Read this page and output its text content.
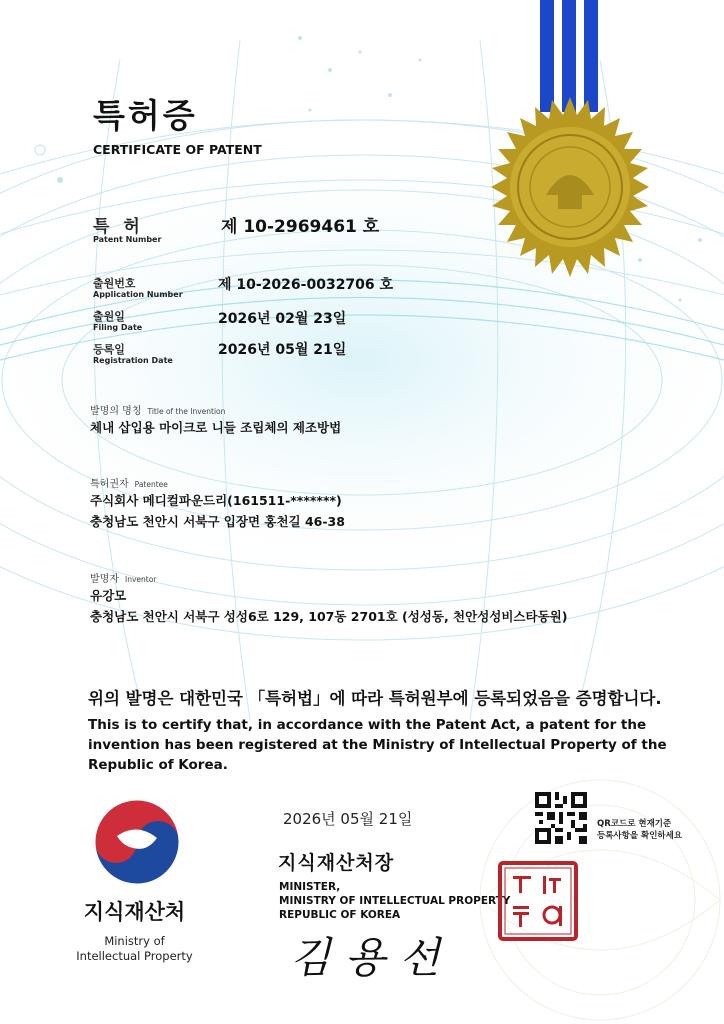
특허증
CERTIFICATE OF PATENT
특 허
Patent Number
제 10-2969461 호
출원번호
Application Number
제 10-2026-0032706 호
출원일
Filing Date
2026년 02월 23일
등록일
Registration Date
2026년 05월 21일
발명의 명칭 Title of the Invention
체내 삽입용 마이크로 니들 조립체의 제조방법
특허권자 Patentee
주식회사 메디컬파운드리(161511-*******)
충청남도 천안시 서북구 입장면 홍천길 46-38
발명자 Inventor
유강모
충청남도 천안시 서북구 성성6로 129, 107동 2701호 (성성동, 천안성성비스타동원)
위의 발명은 대한민국 「특허법」에 따라 특허원부에 등록되었음을 증명합니다.
This is to certify that, in accordance with the Patent Act, a patent for the invention has been registered at the Ministry of Intellectual Property of the Republic of Korea.
2026년 05월 21일	QR코드로 현재기준
등록사항을 확인하세요
지식재산처장
MINISTER,
MINISTRY OF INTELLECTUAL PROPERTY
REPUBLIC OF KOREA
김용선
지식재산처
Ministry of
Intellectual Property
